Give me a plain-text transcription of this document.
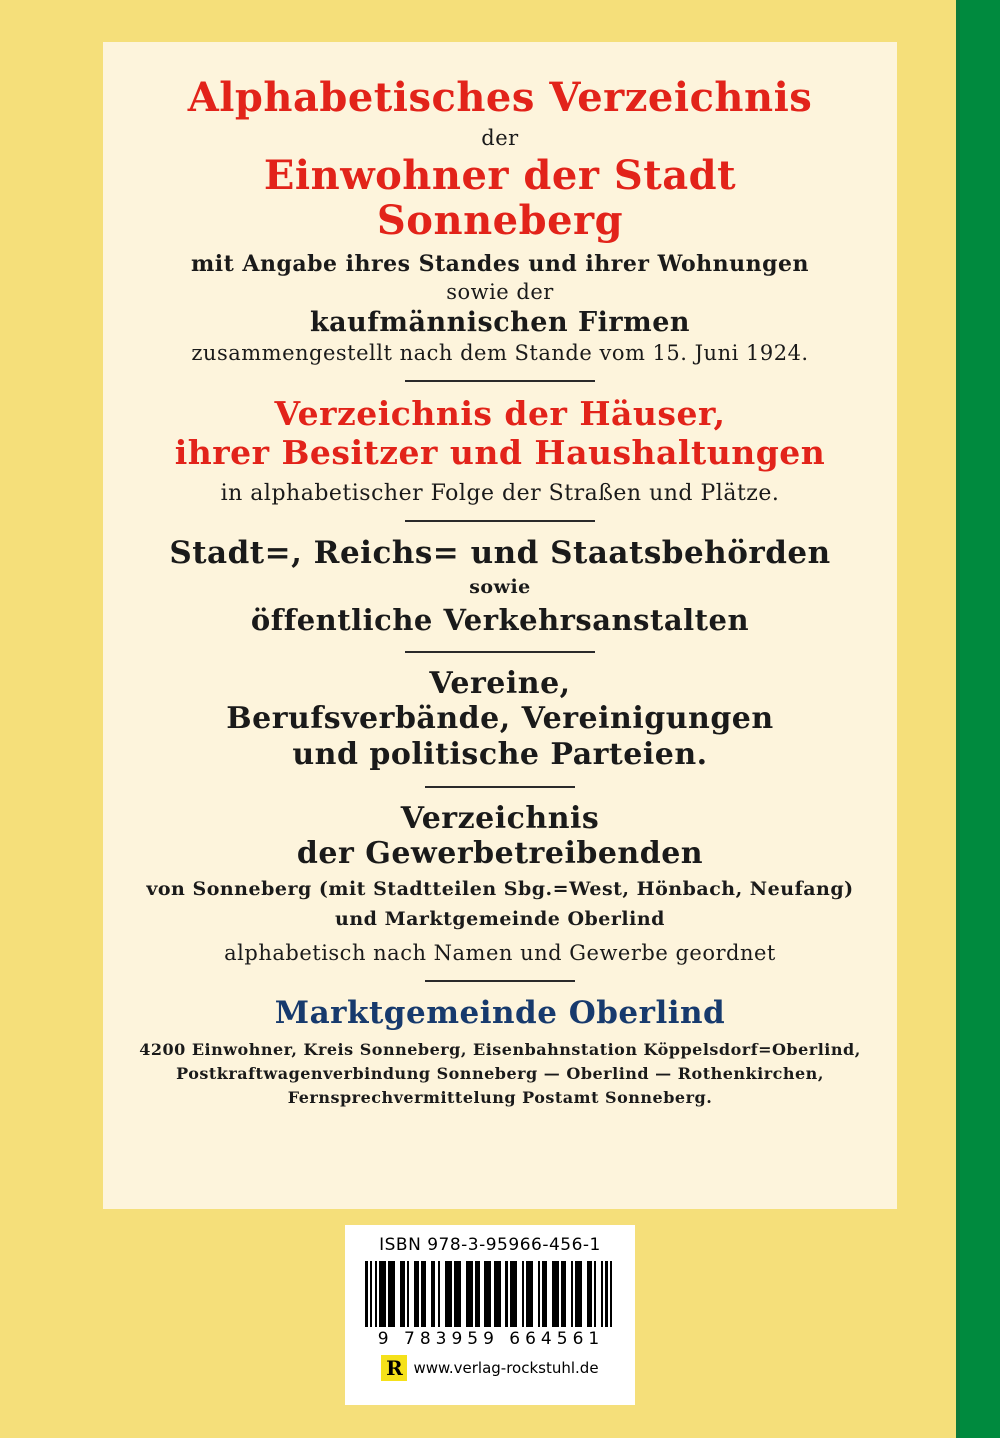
Alphabetisches Verzeichnis
der
Einwohner der Stadt Sonneberg
mit Angabe ihres Standes und ihrer Wohnungen
sowie der
kaufmännischen Firmen
zusammengestellt nach dem Stande vom 15. Juni 1924.
Verzeichnis der Häuser,
ihrer Besitzer und Haushaltungen
in alphabetischer Folge der Straßen und Plätze.
Stadt=, Reichs= und Staatsbehörden
sowie
öffentliche Verkehrsanstalten
Vereine,
Berufsverbände, Vereinigungen
und politische Parteien.
Verzeichnis
der Gewerbetreibenden
von Sonneberg (mit Stadtteilen Sbg.=West, Hönbach, Neufang)
und Marktgemeinde Oberlind
alphabetisch nach Namen und Gewerbe geordnet
Marktgemeinde Oberlind
4200 Einwohner, Kreis Sonneberg, Eisenbahnstation Köppelsdorf=Oberlind, Postkraftwagenverbindung Sonneberg — Oberlind — Rothenkirchen, Fernsprechvermittelung Postamt Sonneberg.
ISBN 978-3-95966-456-1
9 783959 664561
R www.verlag-rockstuhl.de
